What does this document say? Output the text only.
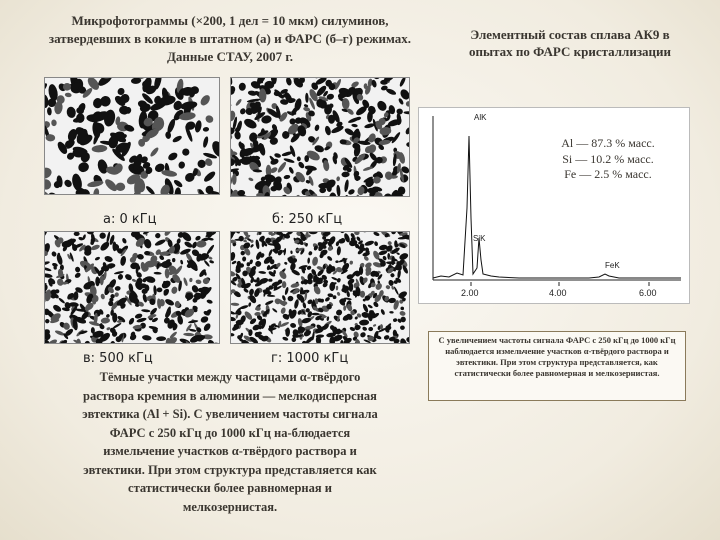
Микрофотограммы (×200, 1 дел = 10 мкм) силуминов, затвердевших в кокиле в штатном (а) и ФАРС (б–г) режимах. Данные СТАУ, 2007 г.
Элементный состав сплава АК9 в опытах по ФАРС кристаллизации
а: 0 кГц	б: 250 кГц
в: 500 кГц	г: 1000 кГц
Тёмные участки между частицами α-твёрдого раствора кремния в алюминии — мелкодисперсная эвтектика (Al + Si). С увеличением частоты сигнала ФАРС с 250 кГц до 1000 кГц на-блюдается измельчение участков α-твёрдого раствора и эвтектики. При этом структура представляется как статистически более равномерная и мелкозернистая.
2.00	4.00	6.00
AlK
SiK
FeK
Al — 87.3 % масс.
Si — 10.2 % масс.
Fe — 2.5 % масс.
С увеличением частоты сигнала ФАРС с 250 кГц до 1000 кГц наблюдается измельчение участков α-твёрдого раствора и эвтектики. При этом структура представляется, как статистически более равномерная и мелкозернистая.
